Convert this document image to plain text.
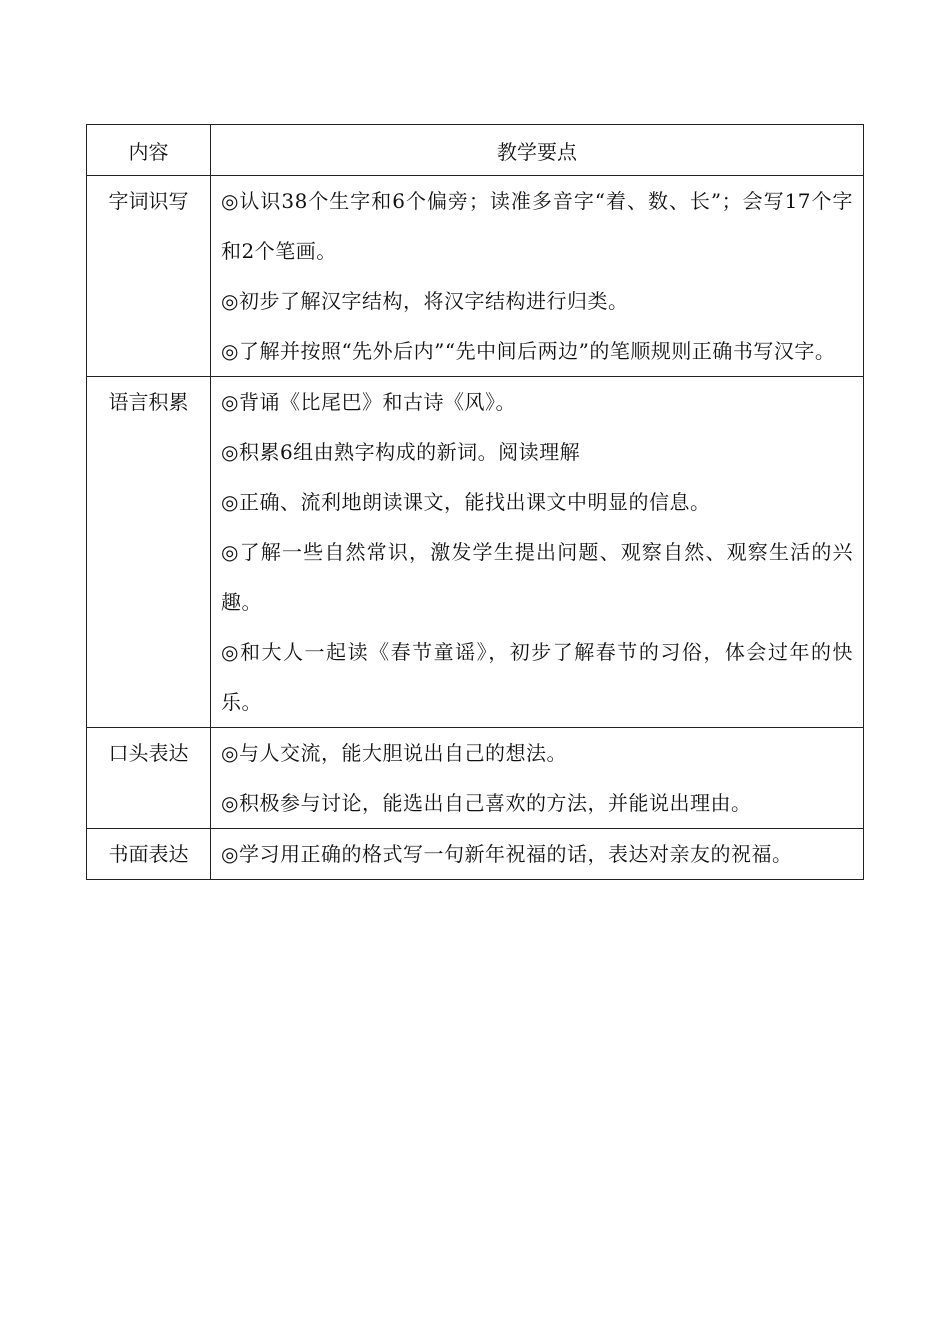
内容	教学要点

字词识写	◎认识38个生字和6个偏旁；读准多音字“着、数、长”；会写17个字和2个笔画。

◎初步了解汉字结构，将汉字结构进行归类。

◎了解并按照“先外后内”“先中间后两边”的笔顺规则正确书写汉字。

语言积累	◎背诵《比尾巴》和古诗《风》。

◎积累6组由熟字构成的新词。阅读理解

◎正确、流利地朗读课文，能找出课文中明显的信息。

◎了解一些自然常识，激发学生提出问题、观察自然、观察生活的兴趣。

◎和大人一起读《春节童谣》，初步了解春节的习俗，体会过年的快乐。

口头表达	◎与人交流，能大胆说出自己的想法。

◎积极参与讨论，能选出自己喜欢的方法，并能说出理由。

书面表达	◎学习用正确的格式写一句新年祝福的话，表达对亲友的祝福。
